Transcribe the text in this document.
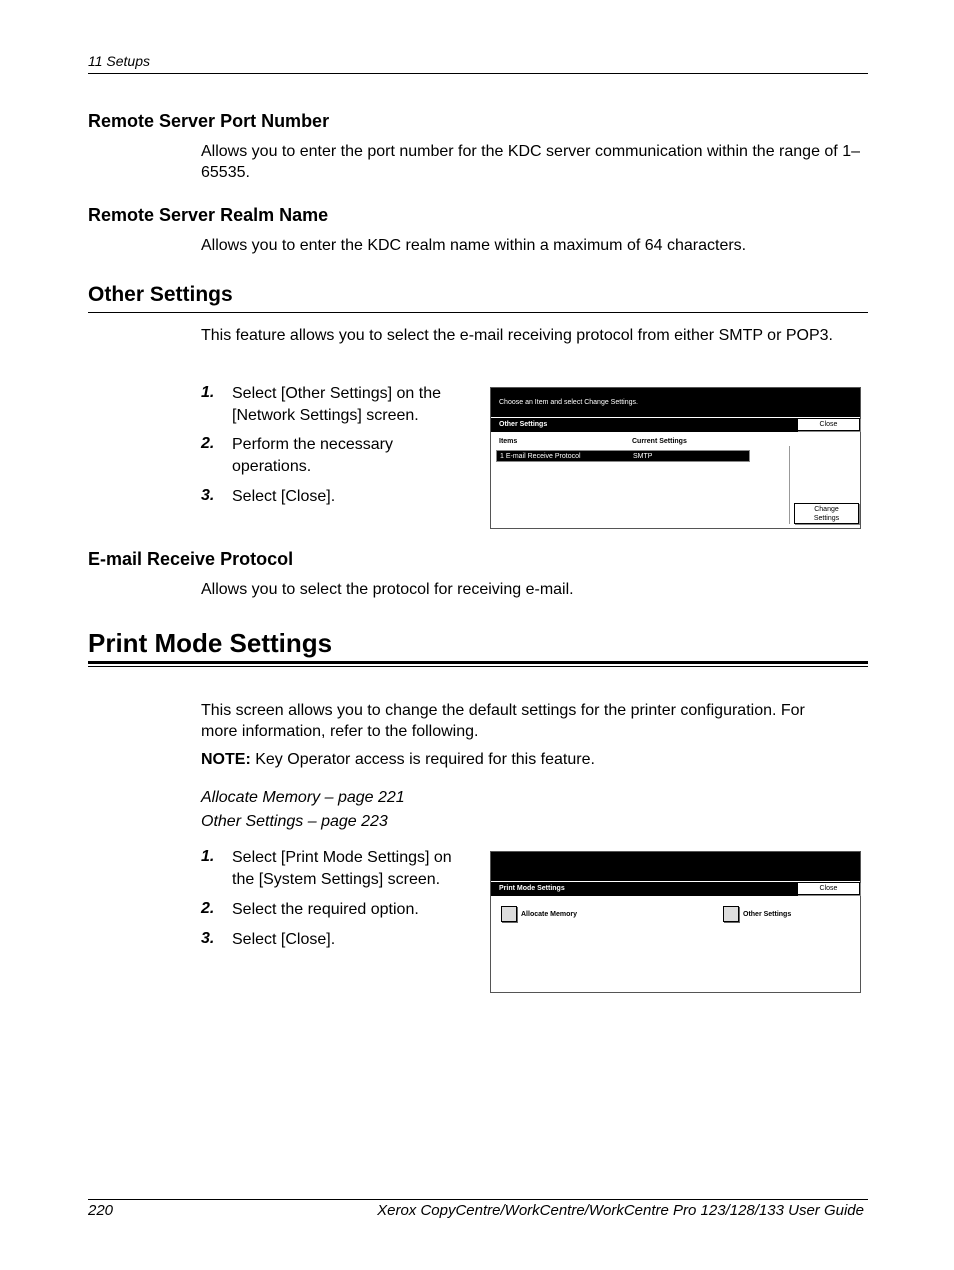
11 Setups
Remote Server Port Number
Allows you to enter the port number for the KDC server communication within the range of 1–65535.
Remote Server Realm Name
Allows you to enter the KDC realm name within a maximum of 64 characters.
Other Settings
This feature allows you to select the e-mail receiving protocol from either SMTP or POP3.
1. Select [Other Settings] on the
[Network Settings] screen.
2. Perform the necessary
operations.
3. Select [Close].
Choose an Item and select Change Settings.
Other Settings	Close
Items	Current Settings
1 E-mail Receive Protocol	SMTP
Change
Settings
E-mail Receive Protocol
Allows you to select the protocol for receiving e-mail.
Print Mode Settings
This screen allows you to change the default settings for the printer configuration. For
more information, refer to the following.
NOTE: Key Operator access is required for this feature.
Allocate Memory – page 221
Other Settings – page 223
1. Select [Print Mode Settings] on
the [System Settings] screen.
2. Select the required option.
3. Select [Close].
Print Mode Settings	Close
Allocate Memory	Other Settings
220	Xerox CopyCentre/WorkCentre/WorkCentre Pro 123/128/133 User Guide
